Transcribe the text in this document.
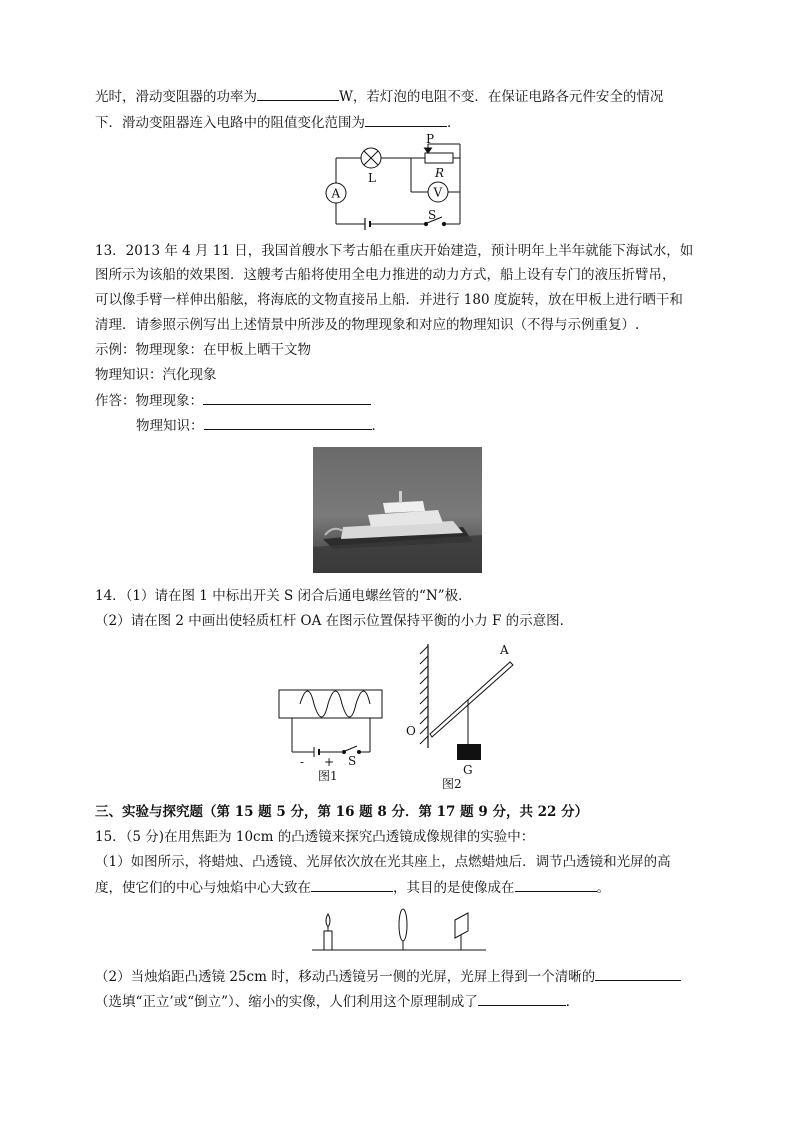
光时，滑动变阻器的功率为	W，若灯泡的电阻不变．在保证电路各元件安全的情况
下．滑动变阻器连入电路中的阻值变化范围为	．
P
L	R
A	V
S
13．2013 年 4 月 11 日，我国首艘水下考古船在重庆开始建造，预计明年上半年就能下海试水，如
图所示为该船的效果图．这艘考古船将使用全电力推进的动力方式，船上设有专门的液压折臂吊，
可以像手臂一样伸出船舷，将海底的文物直接吊上船．并进行 180 度旋转，放在甲板上进行晒干和
清理．请参照示例写出上述情景中所涉及的物理现象和对应的物理知识（不得与示例重复）.
示例：物理现象：在甲板上晒干文物
物理知识：汽化现象
作答：物理现象：
物理知识：	．
14．（1）请在图 1 中标出开关 S 闭合后通电螺丝管的“N”极．
（2）请在图 2 中画出使轻质杠杆 OA 在图示位置保持平衡的小力 F 的示意图．
- + S
图1
A
O
G
图2
三、实验与探究题（第 15 题 5 分，第 16 题 8 分．第 17 题 9 分，共 22 分）
15．（5 分)在用焦距为 10cm 的凸透镜来探究凸透镜成像规律的实验中：
（1）如图所示，将蜡烛、凸透镜、光屏依次放在光其座上，点燃蜡烛后．调节凸透镜和光屏的高
度，使它们的中心与烛焰中心大致在	，其目的是使像成在	。
（2）当烛焰距凸透镜 25cm 时，移动凸透镜另一侧的光屏，光屏上得到一个清晰的
（选填“正立’或“倒立”）、缩小的实像，人们利用这个原理制成了	．
